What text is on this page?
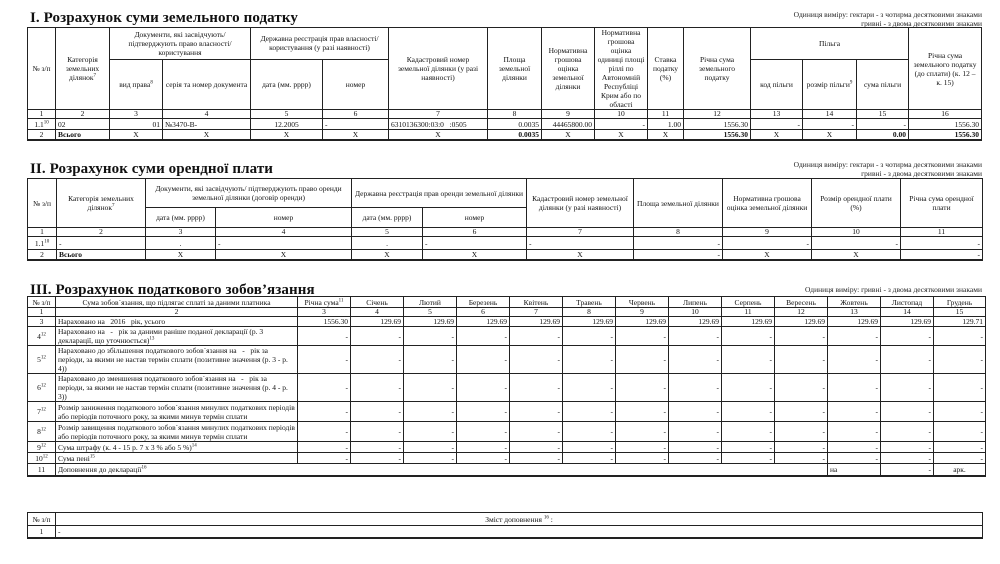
I. Розрахунок суми земельного податку	Одиниця виміру: гектари - з чотирма десятковими знаками
гривні - з двома десятковими знаками
№ з/п	Категорія земельних ділянок$^7$	Документи, які засвідчують/ підтверджують право власності/ користування		Державна реєстрація прав власності/ користування (у разі наявності)		Кадастровий номер земельної ділянки (у разі наявності)	Площа земельної ділянки	Нормативна грошова оцінка земельної ділянки	Нормативна грошова оцінка одиниці площі ріллі по Автономній Республіці Крим або по області	Ставка податку (%)	Річна сума земельного податку	Пільга			Річна сума земельного податку (до сплати) (к. 12 – к. 15)
		вид права$^8$	серія та номер документа	дата (мм. рррр)	номер							код пільги	розмір пільги$^9$	сума пільги	
1	2	3	4	5	6	7	8	9	10	11	12	13	14	15	16
$1.1^{10}$	02	01	№3470-В-	12.2005	-	6310136300:03:0   :0505	0.0035	44465800.00	-	1.00	1556.30	-	-	-	1556.30
2	Всього	X	X	X	X	X	0.0035	X	X	X	1556.30	X	X	0.00	1556.30
II. Розрахунок суми орендної плати	Одиниця виміру: гектари - з чотирма десятковими знаками
гривні - з двома десятковими знаками
№ з/п	Категорія земельних ділянок$^7$	Документи, які засвідчують/ підтверджують право оренди земельної ділянки (договір оренди)		Державна реєстрація прав оренди земельної ділянки		Кадастровий номер земельної ділянки (у разі наявності)	Площа земельної ділянки	Нормативна грошова оцінка земельної ділянки	Розмір орендної плати (%)	Річна сума орендної плати
		дата (мм. рррр)	номер	дата (мм. рррр)	номер					
1	2	3	4	5	6	7	8	9	10	11
$1.1^{10}$	-	.	-	.	-	-	-	-	-	-
2	Всього	X	X	X	X	X	-	X	X	-
III. Розрахунок податкового зобов’язання	Одиниця виміру: гривні - з двома десятковими знаками
№ з/п	Сума зобов`язання, що підлягає сплаті за даними платника	Річна сума$^{11}$	Січень	Лютий	Березень	Квітень	Травень	Червень	Липень	Серпень	Вересень	Жовтень	Листопад	Грудень
1	2	3	4	5	6	7	8	9	10	11	12	13	14	15
3	Нараховано на   2016   рік, усього	1556.30	129.69	129.69	129.69	129.69	129.69	129.69	129.69	129.69	129.69	129.69	129.69	129.71
$4^{12}$	Нараховано на   -   рік за даними раніше поданої декларації (р. 3 декларації, що уточнюється)$^{13}$	-	-	-	-	-	-	-	-	-	-	-	-	-
$5^{12}$	Нараховано до збільшення податкового зобов`язання на   -   рік за періоди, за якими не настав термін сплати (позитивне значення (р. 3 - р. 4))	-	-	-	-	-	-	-	-	-	-	-	-	-
$6^{12}$	Нараховано до зменшення податкового зобов`язання на   -   рік за періоди, за якими не настав термін сплати (позитивне значення (р. 4 - р. 3))	-	-	-	-	-	-	-	-	-	-	-	-	-
$7^{12}$	Розмір заниження податкового зобов`язання минулих податкових періодів або періодів поточного року, за якими минув термін сплати	-	-	-	-	-	-	-	-	-	-	-	-	-
$8^{12}$	Розмір завищення податкового зобов`язання минулих податкових періодів або періодів поточного року, за якими минув термін сплати	-	-	-	-	-	-	-	-	-	-	-	-	-
$9^{12}$	Сума штрафу (к. 4 - 15 р. 7 х 3 % або 5 %)$^{14}$	-	-	-	-	-	-	-	-	-	-	-	-	-
$10^{12}$	Сума пені$^{15}$	-	-	-	-	-	-	-	-	-	-	-	-	-
11	Доповнення до декларації$^{16}$											на	-	арк.
№ з/п	Зміст доповнення $^{16}$ :
1	-
